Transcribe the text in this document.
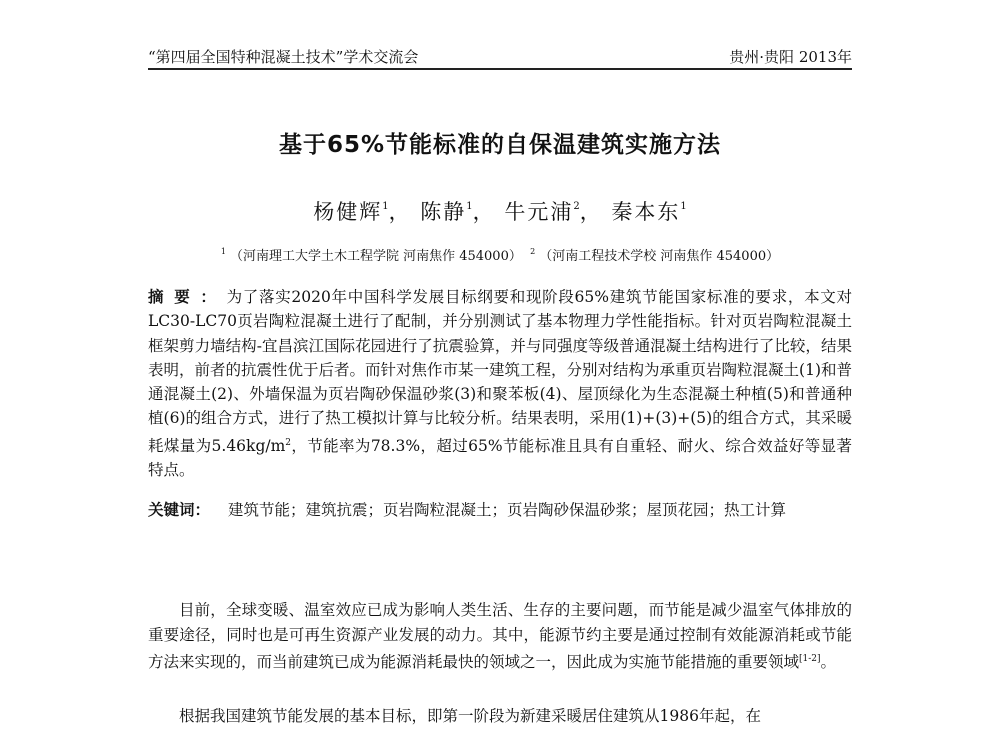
“第四届全国特种混凝土技术”学术交流会	贵州·贵阳 2013年
基于65%节能标准的自保温建筑实施方法
杨健辉$^1$， 陈静$^1$， 牛元浦$^2$， 秦本东$^1$
$^1$ （河南理工大学土木工程学院 河南焦作 454000） $^2$ （河南工程技术学校 河南焦作 454000）
摘要：为了落实2020年中国科学发展目标纲要和现阶段65%建筑节能国家标准的要求，本文对LC30-LC70页岩陶粒混凝土进行了配制，并分别测试了基本物理力学性能指标。针对页岩陶粒混凝土框架剪力墙结构-宜昌滨江国际花园进行了抗震验算，并与同强度等级普通混凝土结构进行了比较，结果表明，前者的抗震性优于后者。而针对焦作市某一建筑工程，分别对结构为承重页岩陶粒混凝土(1)和普通混凝土(2)、外墙保温为页岩陶砂保温砂浆(3)和聚苯板(4)、屋顶绿化为生态混凝土种植(5)和普通种植(6)的组合方式，进行了热工模拟计算与比较分析。结果表明，采用(1)+(3)+(5)的组合方式，其采暖耗煤量为5.46kg/m$^2$，节能率为78.3%，超过65%节能标准且具有自重轻、耐火、综合效益好等显著特点。
关键词： 建筑节能；建筑抗震；页岩陶粒混凝土；页岩陶砂保温砂浆；屋顶花园；热工计算
目前，全球变暖、温室效应已成为影响人类生活、生存的主要问题，而节能是减少温室气体排放的重要途径，同时也是可再生资源产业发展的动力。其中，能源节约主要是通过控制有效能源消耗或节能方法来实现的，而当前建筑已成为能源消耗最快的领域之一，因此成为实施节能措施的重要领域[1-2]。
根据我国建筑节能发展的基本目标，即第一阶段为新建采暖居住建筑从1986年起，在
